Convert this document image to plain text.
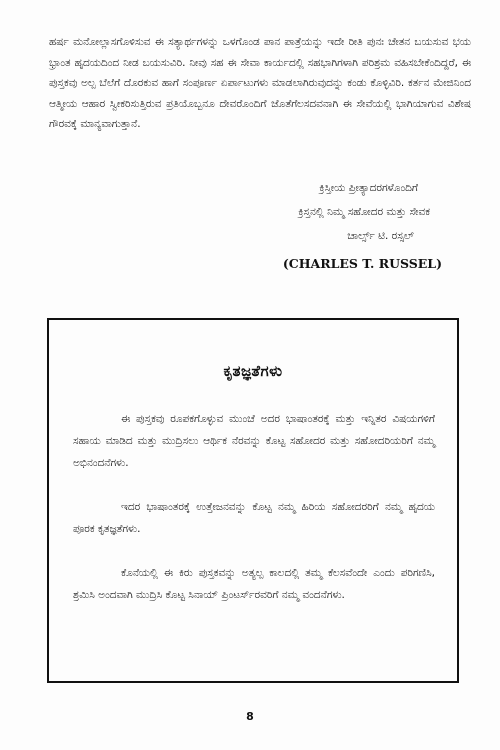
ಹರ್ಷ ಮನೋಲ್ಲಾಸಗೊಳಿಸುವ ಈ ಸತ್ಯಾರ್ಥಗಳನ್ನು ಒಳಗೊಂಡ ಪಾನ ಪಾತ್ರೆಯನ್ನು ಇದೇ ರೀತಿ ಪುನಃ ಚೇತನ ಬಯಸುವ ಭಯ ಭ್ರಾಂತ ಹೃದಯದಿಂದ ನೀಡ ಬಯಸುವಿರಿ. ನೀವು ಸಹ ಈ ಸೇವಾ ಕಾರ್ಯದಲ್ಲಿ ಸಹಭಾಗಿಗಳಾಗಿ ಪರಿಶ್ರಮ ವಹಿಸಬೇಕೆಂದಿದ್ದರೆ, ಈ ಪುಸ್ತಕವು ಅಲ್ಪ ಬೆಲೆಗೆ ದೊರಕುವ ಹಾಗೆ ಸಂಪೂರ್ಣ ಏರ್ಪಾಟುಗಳು ಮಾಡಲಾಗಿರುವುದನ್ನು ಕಂಡು ಕೊಳ್ಳಿವಿರಿ. ಕರ್ತನ ಮೇಜಿನಿಂದ ಆತ್ಮೀಯ ಆಹಾರ ಸ್ವೀಕರಿಸುತ್ತಿರುವ ಪ್ರತಿಯೊಬ್ಬನೂ ದೇವರೊಂದಿಗೆ ಜೊತೆಗೆಲಸದವನಾಗಿ ಈ ಸೇವೆಯಲ್ಲಿ ಭಾಗಿಯಾಗುವ ವಿಶೇಷ ಗೌರವಕ್ಕೆ ಮಾನ್ಯವಾಗುತ್ತಾನೆ.

ಕ್ರಿಸ್ತೀಯ ಪ್ರೀತ್ಯಾದರಗಳೊಂದಿಗೆ
ಕ್ರಿಸ್ತನಲ್ಲಿ ನಿಮ್ಮ ಸಹೋದರ ಮತ್ತು ಸೇವಕ
ಚಾರ್ಲ್ಸ್ ಟಿ. ರಸ್ಸಲ್
(CHARLES T. RUSSEL)
ಕೃತಜ್ಞತೆಗಳು

ಈ ಪುಸ್ತಕವು ರೂಪಕಗೊಳ್ಳುವ ಮುಂಚೆ ಅದರ ಭಾಷಾಂತರಕ್ಕೆ ಮತ್ತು ಇನ್ನಿತರ ವಿಷಯಗಳಿಗೆ ಸಹಾಯ ಮಾಡಿದ ಮತ್ತು ಮುದ್ರಿಸಲು ಆರ್ಥಿಕ ನೆರವನ್ನು ಕೊಟ್ಟ ಸಹೋದರ ಮತ್ತು ಸಹೋದರಿಯರಿಗೆ ನಮ್ಮ ಅಭಿನಂದನೆಗಳು.

ಇದರ ಭಾಷಾಂತರಕ್ಕೆ ಉತ್ತೇಜನವನ್ನು ಕೊಟ್ಟ ನಮ್ಮ ಹಿರಿಯ ಸಹೋದರರಿಗೆ ನಮ್ಮ ಹೃದಯ ಪೂರಕ ಕೃತಜ್ಞತೆಗಳು.

ಕೊನೆಯಲ್ಲಿ ಈ ಕಿರು ಪುಸ್ತಕವನ್ನು ಅತ್ಯಲ್ಪ ಕಾಲದಲ್ಲಿ ತಮ್ಮ ಕೆಲಸವೆಂದೇ ಎಂದು ಪರಿಗಣಿಸಿ, ಶ್ರಮಿಸಿ ಅಂದವಾಗಿ ಮುದ್ರಿಸಿ ಕೊಟ್ಟ ಸಿನಾಯ್ ಪ್ರಿಂಟರ್ಸ್‌ರವರಿಗೆ ನಮ್ಮ ವಂದನೆಗಳು.

8
